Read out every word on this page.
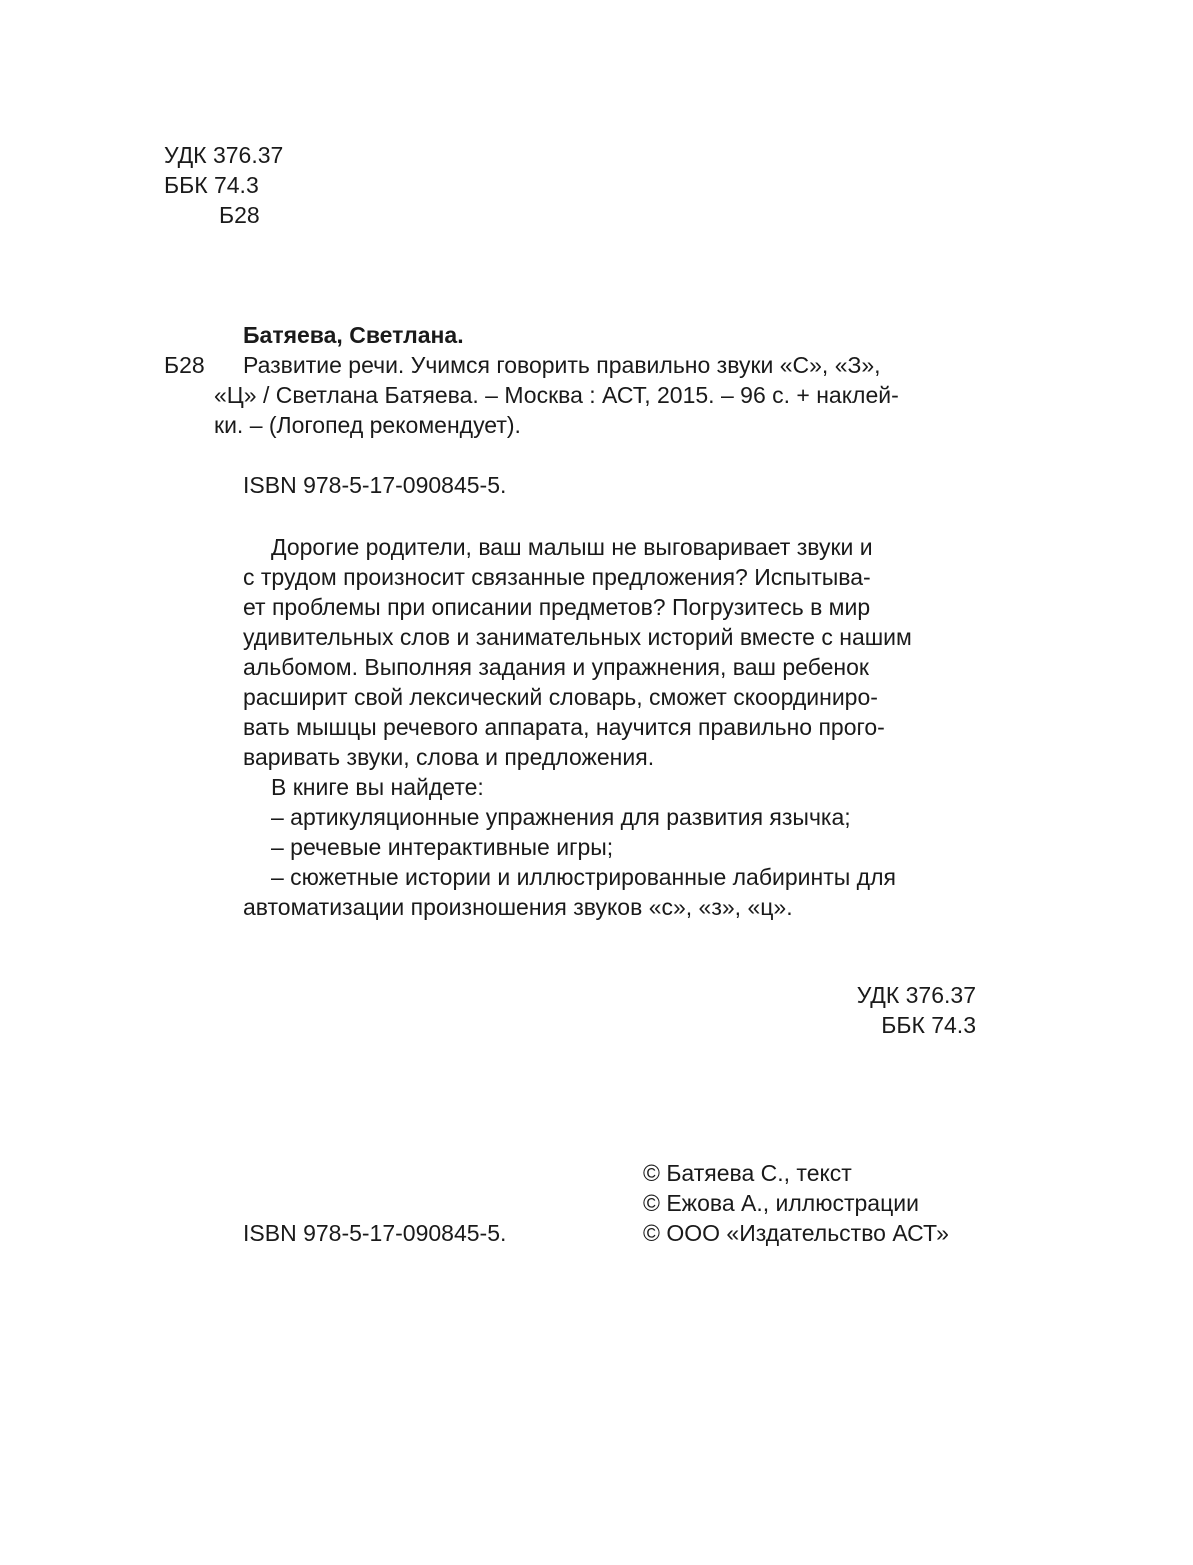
УДК 376.37
ББК 74.3
Б28
Батяева, Светлана.
Б28	Развитие речи. Учимся говорить правильно звуки «С», «З»,
«Ц» / Светлана Батяева. – Москва : АСТ, 2015. – 96 с. + наклей-
ки. – (Логопед рекомендует).
ISBN 978-5-17-090845-5.
Дорогие родители, ваш малыш не выговаривает звуки и
с трудом произносит связанные предложения? Испытыва-
ет проблемы при описании предметов? Погрузитесь в мир
удивительных слов и занимательных историй вместе с нашим
альбомом. Выполняя задания и упражнения, ваш ребенок
расширит свой лексический словарь, сможет скоординиро-
вать мышцы речевого аппарата, научится правильно прого-
варивать звуки, слова и предложения.
В книге вы найдете:
– артикуляционные упражнения для развития язычка;
– речевые интерактивные игры;
– сюжетные истории и иллюстрированные лабиринты для
автоматизации произношения звуков «с», «з», «ц».
УДК 376.37
ББК 74.3
ISBN 978-5-17-090845-5.
© Батяева С., текст
© Ежова А., иллюстрации
© ООО «Издательство АСТ»
